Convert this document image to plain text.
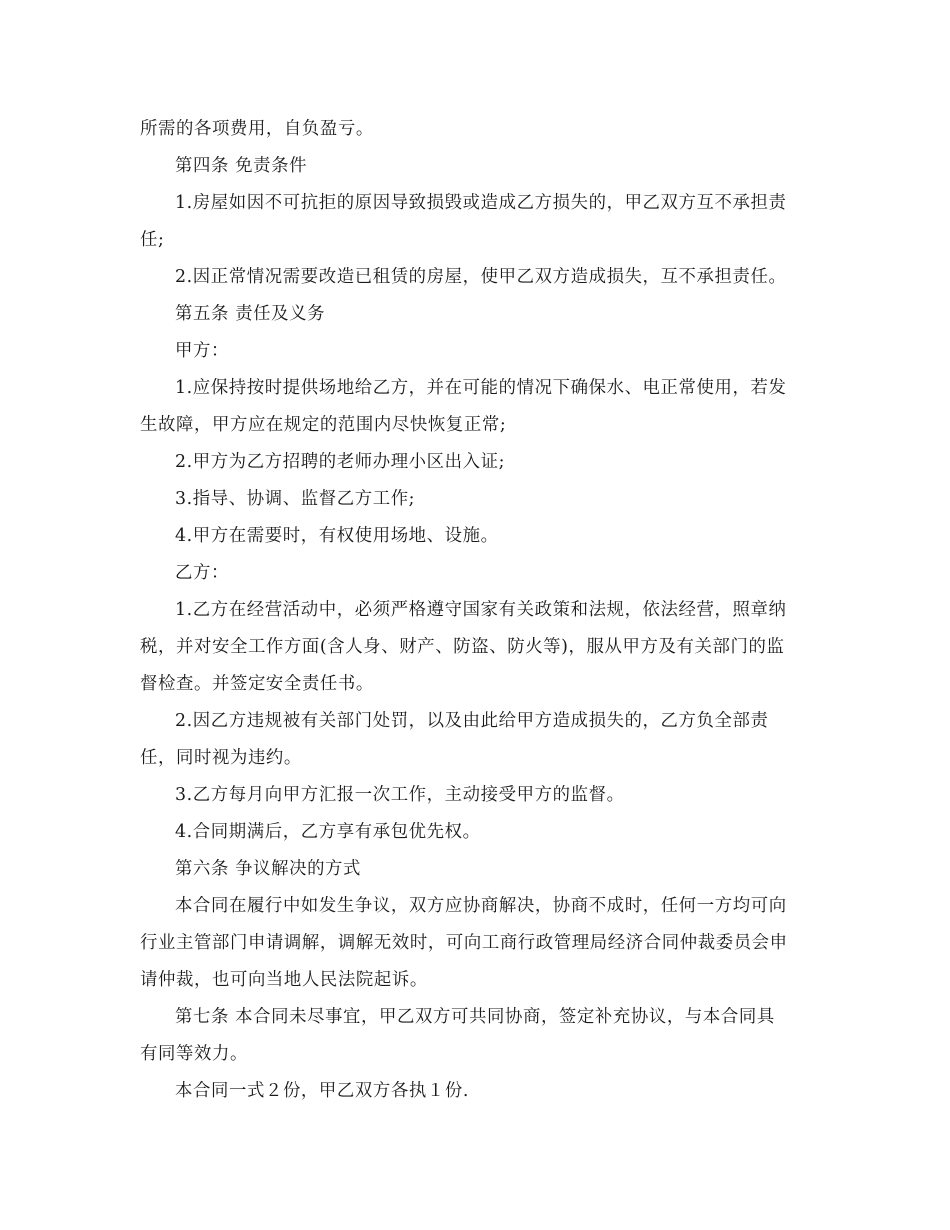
所需的各项费用，自负盈亏。

第四条 免责条件

1.房屋如因不可抗拒的原因导致损毁或造成乙方损失的，甲乙双方互不承担责

任;

2.因正常情况需要改造已租赁的房屋，使甲乙双方造成损失，互不承担责任。

第五条 责任及义务

甲方：

1.应保持按时提供场地给乙方，并在可能的情况下确保水、电正常使用，若发

生故障，甲方应在规定的范围内尽快恢复正常;

2.甲方为乙方招聘的老师办理小区出入证;

3.指导、协调、监督乙方工作;

4.甲方在需要时，有权使用场地、设施。

乙方：

1.乙方在经营活动中，必须严格遵守国家有关政策和法规，依法经营，照章纳

税，并对安全工作方面(含人身、财产、防盗、防火等)，服从甲方及有关部门的监

督检查。并签定安全责任书。

2.因乙方违规被有关部门处罚，以及由此给甲方造成损失的，乙方负全部责

任，同时视为违约。

3.乙方每月向甲方汇报一次工作，主动接受甲方的监督。

4.合同期满后，乙方享有承包优先权。

第六条 争议解决的方式

本合同在履行中如发生争议，双方应协商解决，协商不成时，任何一方均可向

行业主管部门申请调解，调解无效时，可向工商行政管理局经济合同仲裁委员会申

请仲裁，也可向当地人民法院起诉。

第七条 本合同未尽事宜，甲乙双方可共同协商，签定补充协议，与本合同具

有同等效力。

本合同一式２份，甲乙双方各执１份.
